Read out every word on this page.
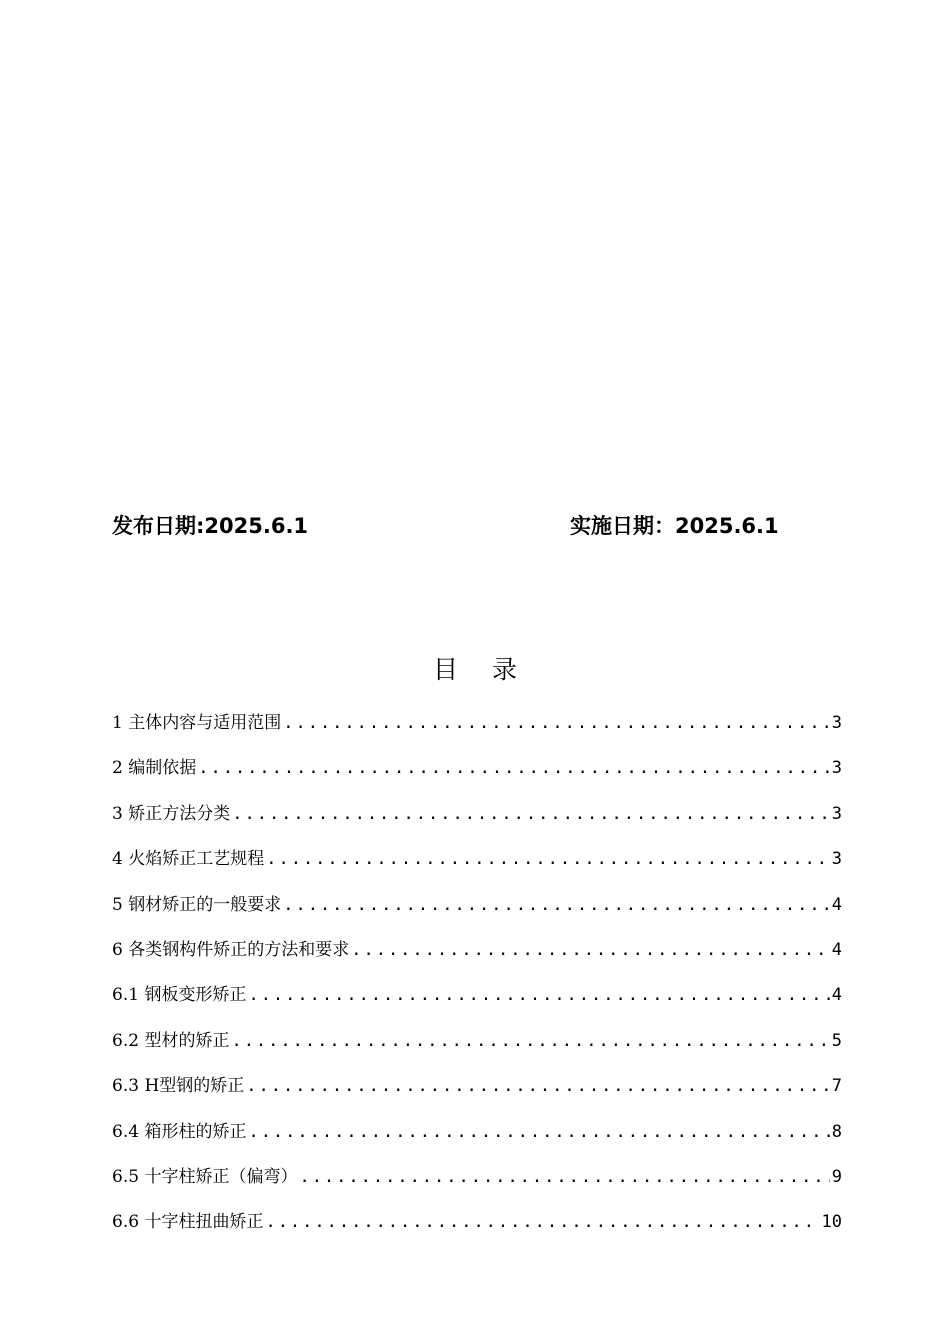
发布日期:2025.6.1	实施日期：2025.6.1
目录
1 主体内容与适用范围 .....	3
2 编制依据 .....	3
3 矫正方法分类 .....	3
4 火焰矫正工艺规程 .....	3
5 钢材矫正的一般要求 .....	4
6 各类钢构件矫正的方法和要求 .....	4
6.1 钢板变形矫正 .....	4
6.2 型材的矫正 .....	5
6.3 H型钢的矫正 .....	7
6.4 箱形柱的矫正 .....	8
6.5 十字柱矫正（偏弯） .....	9
6.6 十字柱扭曲矫正 .....	10
